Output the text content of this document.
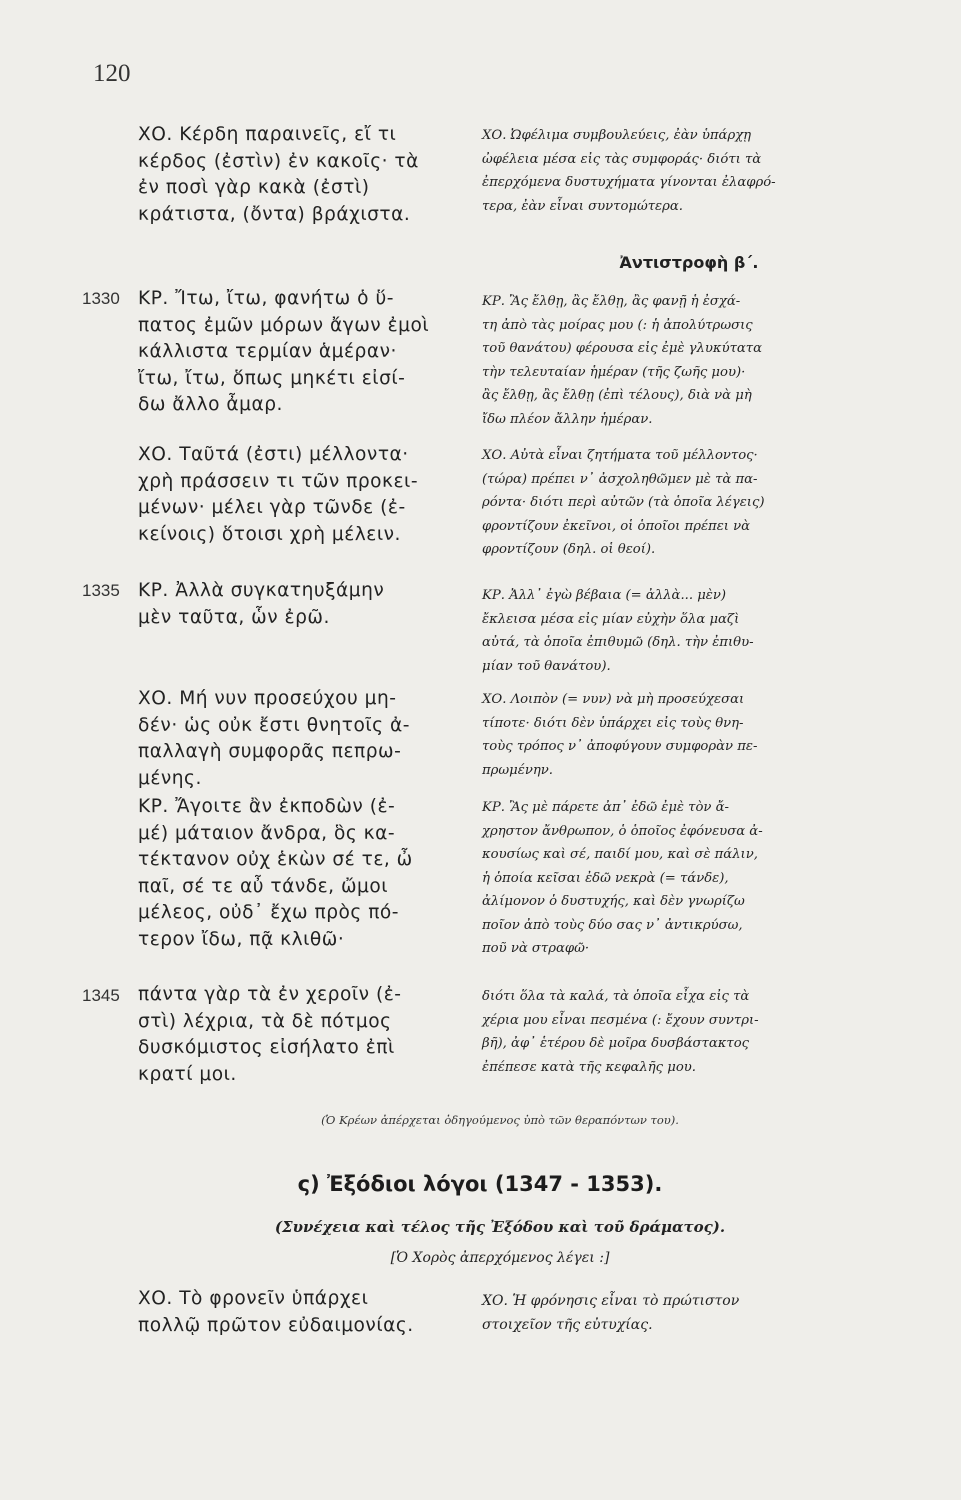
120
ΧΟ. Κέρδη παραινεῖς, εἴ τι
κέρδος (ἐστὶν) ἐν κακοῖς· τὰ
ἐν ποσὶ γὰρ κακὰ (ἐστὶ)
κράτιστα, (ὄντα) βράχιστα.
ΧΟ. Ὠφέλιμα συμβουλεύεις, ἐὰν ὑπάρχῃ
ὠφέλεια μέσα εἰς τὰς συμφοράς· διότι τὰ
ἐπερχόμενα δυστυχήματα γίνονται ἐλαφρό-
τερα, ἐὰν εἶναι συντομώτερα.
Ἀντιστροφὴ β΄.
1330 ΚΡ. Ἴτω, ἴτω, φανήτω ὁ ὕ-
πατος ἐμῶν μόρων ἄγων ἐμοὶ
κάλλιστα τερμίαν ἁμέραν·
ἴτω, ἴτω, ὅπως μηκέτι εἰσί-
δω ἄλλο ἆμαρ.
ΚΡ. Ἂς ἔλθῃ, ἂς ἔλθῃ, ἂς φανῇ ἡ ἐσχά-
τη ἀπὸ τὰς μοίρας μου (: ἡ ἀπολύτρωσις
τοῦ θανάτου) φέρουσα εἰς ἐμὲ γλυκύτατα
τὴν τελευταίαν ἡμέραν (τῆς ζωῆς μου)·
ἂς ἔλθῃ, ἂς ἔλθῃ (ἐπὶ τέλους), διὰ νὰ μὴ
ἴδω πλέον ἄλλην ἡμέραν.
ΧΟ. Ταῦτά (ἐστι) μέλλοντα·
χρὴ πράσσειν τι τῶν προκει-
μένων· μέλει γὰρ τῶνδε (ἐ-
κείνοις) ὅτοισι χρὴ μέλειν.
ΧΟ. Αὐτὰ εἶναι ζητήματα τοῦ μέλλοντος·
(τώρα) πρέπει ν᾽ ἀσχοληθῶμεν μὲ τὰ πα-
ρόντα· διότι περὶ αὐτῶν (τὰ ὁποῖα λέγεις)
φροντίζουν ἐκεῖνοι, οἱ ὁποῖοι πρέπει νὰ
φροντίζουν (δηλ. οἱ θεοί).
1335 ΚΡ. Ἀλλὰ συγκατηυξάμην
μὲν ταῦτα, ὧν ἐρῶ.
ΚΡ. Ἀλλ᾽ ἐγὼ βέβαια (= ἀλλὰ... μὲν)
ἔκλεισα μέσα εἰς μίαν εὐχὴν ὅλα μαζὶ
αὐτά, τὰ ὁποῖα ἐπιθυμῶ (δηλ. τὴν ἐπιθυ-
μίαν τοῦ θανάτου).
ΧΟ. Μή νυν προσεύχου μη-
δέν· ὡς οὐκ ἔστι θνητοῖς ἀ-
παλλαγὴ συμφορᾶς πεπρω-
μένης.
ΧΟ. Λοιπὸν (= νυν) νὰ μὴ προσεύχεσαι
τίποτε· διότι δὲν ὑπάρχει εἰς τοὺς θνη-
τοὺς τρόπος ν᾽ ἀποφύγουν συμφορὰν πε-
πρωμένην.
ΚΡ. Ἄγοιτε ἂν ἐκποδὼν (ἐ-
μέ) μάταιον ἄνδρα, ὃς κα-
τέκτανον οὐχ ἑκὼν σέ τε, ὦ
παῖ, σέ τε αὖ τάνδε, ὤμοι
μέλεος, οὐδ᾽ ἔχω πρὸς πό-
τερον ἴδω, πᾷ κλιθῶ·
ΚΡ. Ἂς μὲ πάρετε ἀπ᾽ ἐδῶ ἐμὲ τὸν ἄ-
χρηστον ἄνθρωπον, ὁ ὁποῖος ἐφόνευσα ἀ-
κουσίως καὶ σέ, παιδί μου, καὶ σὲ πάλιν,
ἡ ὁποία κεῖσαι ἐδῶ νεκρὰ (= τάνδε),
ἀλίμονον ὁ δυστυχής, καὶ δὲν γνωρίζω
ποῖον ἀπὸ τοὺς δύο σας ν᾽ ἀντικρύσω,
ποῦ νὰ στραφῶ·
1345 πάντα γὰρ τὰ ἐν χεροῖν (ἐ-
στὶ) λέχρια, τὰ δὲ πότμος
δυσκόμιστος εἰσήλατο ἐπὶ
κρατί μοι.
διότι ὅλα τὰ καλά, τὰ ὁποῖα εἶχα εἰς τὰ
χέρια μου εἶναι πεσμένα (: ἔχουν συντρι-
βῆ), ἀφ᾽ ἑτέρου δὲ μοῖρα δυσβάστακτος
ἐπέπεσε κατὰ τῆς κεφαλῆς μου.
(Ὁ Κρέων ἀπέρχεται ὁδηγούμενος ὑπὸ τῶν θεραπόντων του).
ς) Ἐξόδιοι λόγοι (1347 - 1353).
(Συνέχεια καὶ τέλος τῆς Ἐξόδου καὶ τοῦ δράματος).
[Ὁ Χορὸς ἀπερχόμενος λέγει :]
ΧΟ. Τὸ φρονεῖν ὑπάρχει
πολλῷ πρῶτον εὐδαιμονίας.
ΧΟ. Ἡ φρόνησις εἶναι τὸ πρώτιστον
στοιχεῖον τῆς εὐτυχίας.
